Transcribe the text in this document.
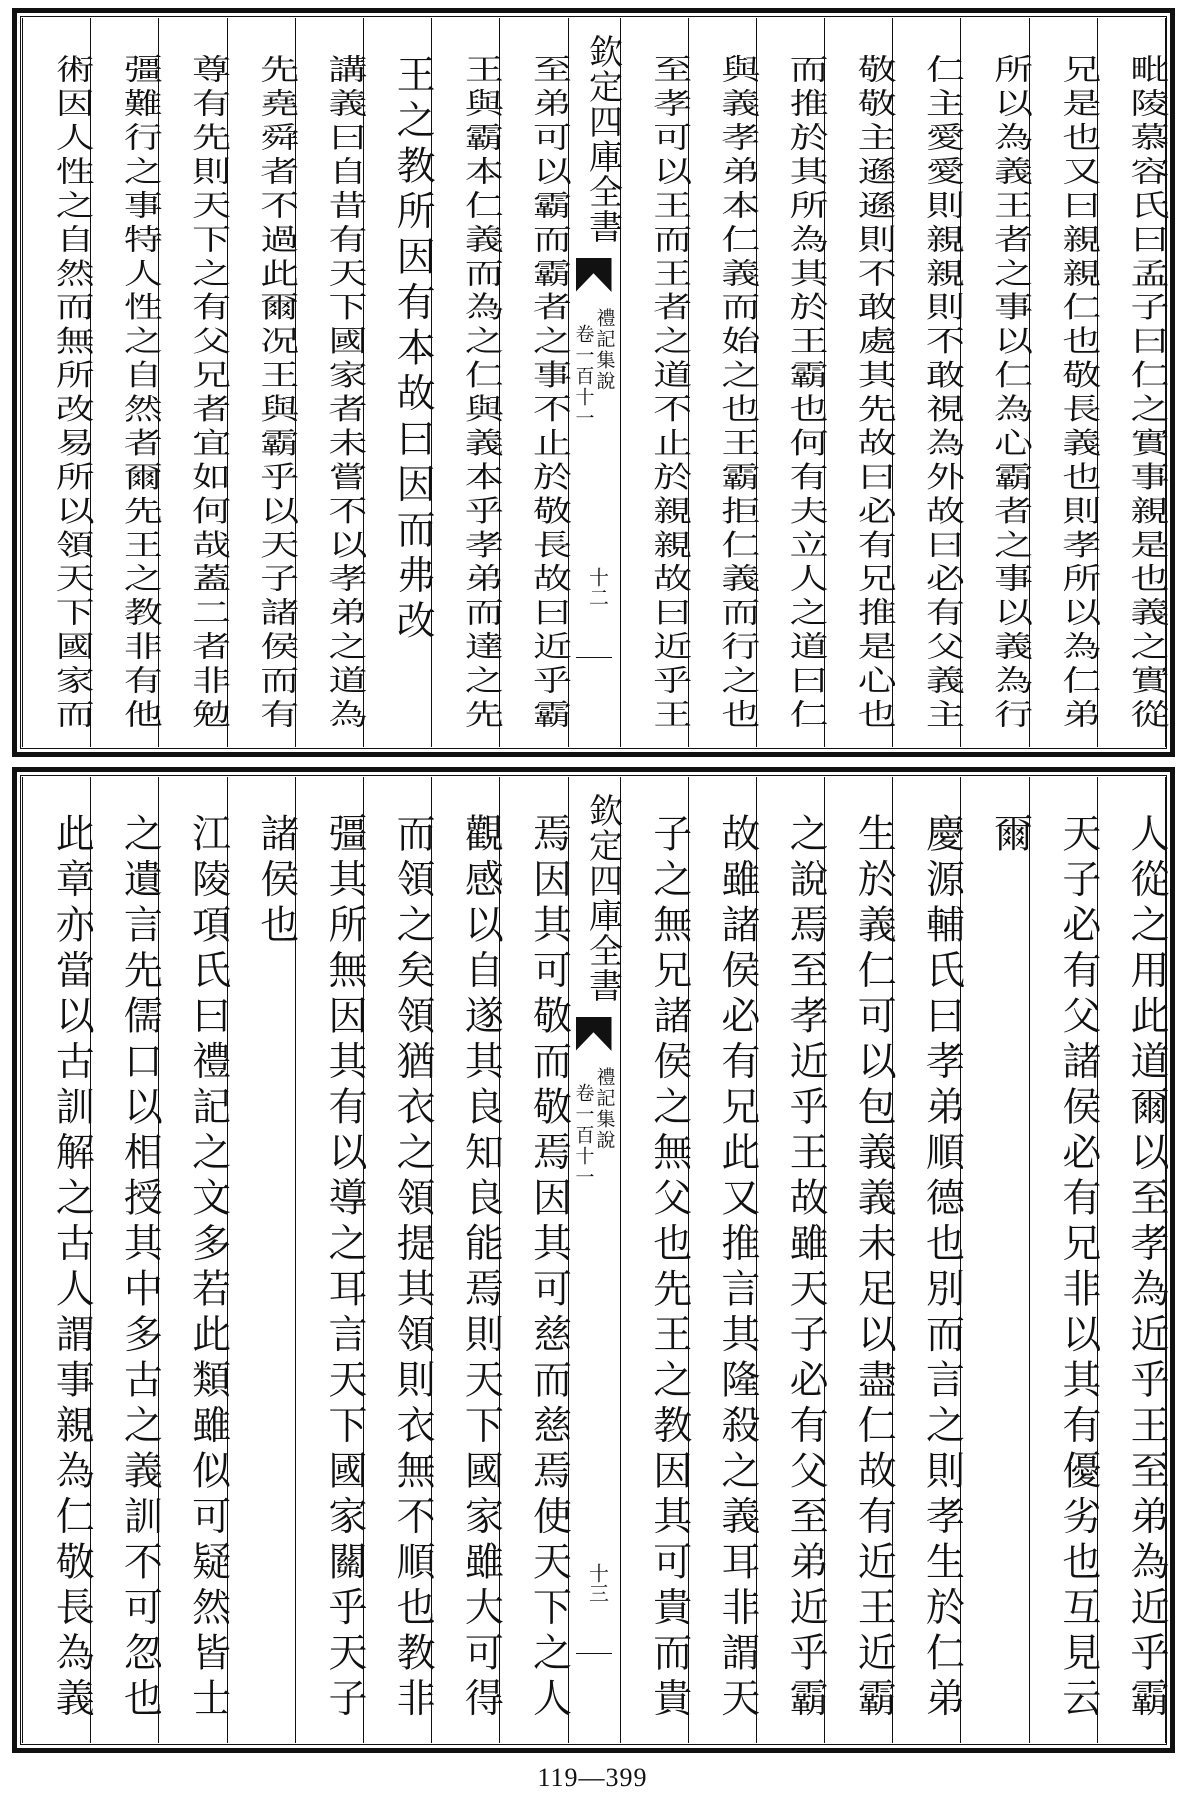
至弟可以霸而霸者之事不止於敬長故曰近乎霸
王與霸本仁義而為之仁與義本乎孝弟而達之先
王之教所因有本故曰因而弗改
講義曰自昔有天下國家者未嘗不以孝弟之道為
先堯舜者不過此爾况王與霸乎以天子諸侯而有
尊有先則天下之有父兄者宜如何哉蓋二者非勉
彊難行之事特人性之自然者爾先王之教非有他
術因人性之自然而無所改易所以領天下國家而	毗陵慕容氏曰孟子曰仁之實事親是也義之實從
兄是也又曰親親仁也敬長義也則孝所以為仁弟
所以為義王者之事以仁為心霸者之事以義為行
仁主愛愛則親親則不敢視為外故曰必有父義主
敬敬主遜遜則不敢處其先故曰必有兄推是心也
而推於其所為其於王霸也何有夫立人之道曰仁
與義孝弟本仁義而始之也王霸拒仁義而行之也
至孝可以王而王者之道不止於親親故曰近乎王
欽定四庫全書
禮記集說
卷一百十一
十二
焉因其可敬而敬焉因其可慈而慈焉使天下之人
觀感以自遂其良知良能焉則天下國家雖大可得
而領之矣領猶衣之領提其領則衣無不順也教非
彊其所無因其有以導之耳言天下國家關乎天子
諸侯也
江陵項氏曰禮記之文多若此類雖似可疑然皆士
之遺言先儒口以相授其中多古之義訓不可忽也
此章亦當以古訓解之古人謂事親為仁敬長為義	人從之用此道爾以至孝為近乎王至弟為近乎霸
天子必有父諸侯必有兄非以其有優劣也互見云
爾
慶源輔氏曰孝弟順德也別而言之則孝生於仁弟
生於義仁可以包義義未足以盡仁故有近王近霸
之說焉至孝近乎王故雖天子必有父至弟近乎霸
故雖諸侯必有兄此又推言其隆殺之義耳非謂天
子之無兄諸侯之無父也先王之教因其可貴而貴
欽定四庫全書
禮記集說
卷一百十一
十三
119—399
